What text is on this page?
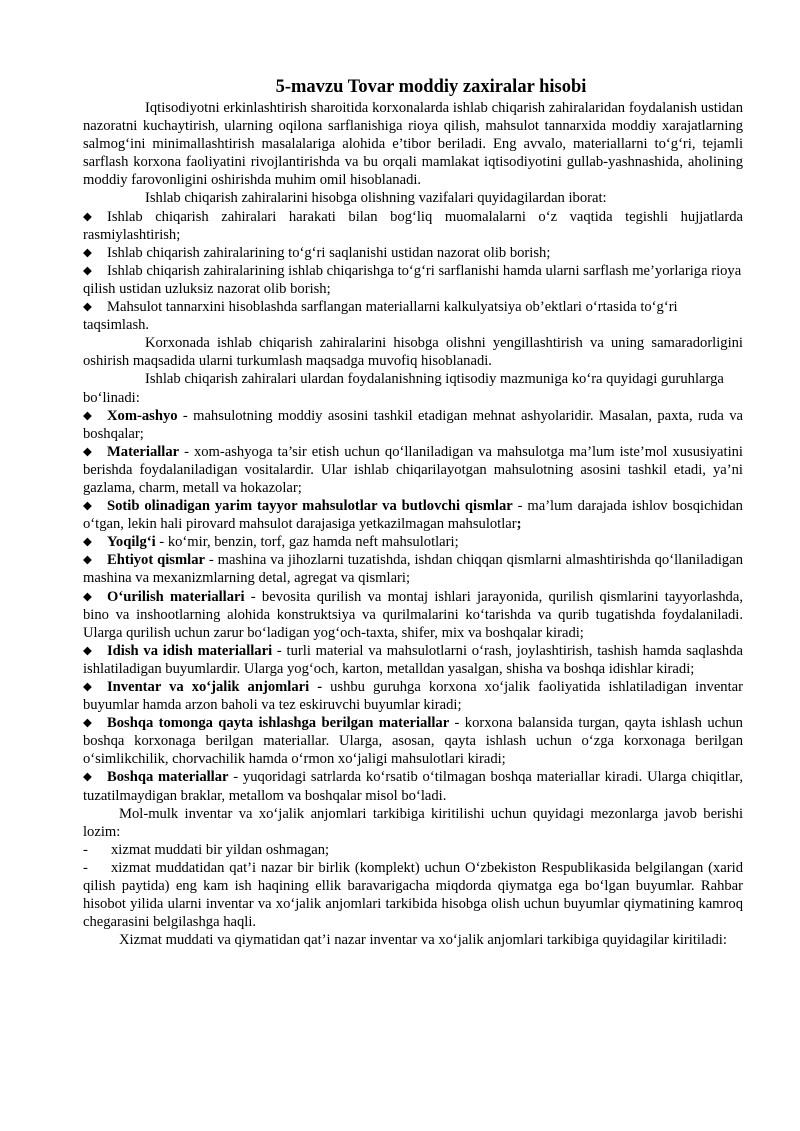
5-mavzu Tovar moddiy zaxiralar hisobi

Iqtisodiyotni erkinlashtirish sharoitida korxonalarda ishlab chiqarish zahiralaridan foydalanish ustidan nazoratni kuchaytirish, ularning oqilona sarflanishiga rioya qilish, mahsulot tannarxida moddiy xarajatlarning salmog‘ini minimallashtirish masalalariga alohida e’tibor beriladi. Eng avvalo, materiallarni to‘g‘ri, tejamli sarflash korxona faoliyatini rivojlantirishda va bu orqali mamlakat iqtisodiyotini gullab-yashnashida, aholining moddiy farovonligini oshirishda muhim omil hisoblanadi.

Ishlab chiqarish zahiralarini hisobga olishning vazifalari quyidagilardan iborat:

◆ Ishlab chiqarish zahiralari harakati bilan bog‘liq muomalalarni o‘z vaqtida tegishli hujjatlarda rasmiylashtirish;

◆ Ishlab chiqarish zahiralarining to‘g‘ri saqlanishi ustidan nazorat olib borish;

◆ Ishlab chiqarish zahiralarining ishlab chiqarishga to‘g‘ri sarflanishi hamda ularni sarflash me’yorlariga rioya qilish ustidan uzluksiz nazorat olib borish;

◆ Mahsulot tannarxini hisoblashda sarflangan materiallarni kalkulyatsiya ob’ektlari o‘rtasida to‘g‘ri taqsimlash.

Korxonada ishlab chiqarish zahiralarini hisobga olishni yengillashtirish va uning samaradorligini oshirish maqsadida ularni turkumlash maqsadga muvofiq hisoblanadi.

Ishlab chiqarish zahiralari ulardan foydalanishning iqtisodiy mazmuniga ko‘ra quyidagi guruhlarga bo‘linadi:

◆ Xom-ashyo - mahsulotning moddiy asosini tashkil etadigan mehnat ashyolaridir. Masalan, paxta, ruda va boshqalar;

◆ Materiallar - xom-ashyoga ta’sir etish uchun qo‘llaniladigan va mahsulotga ma’lum iste’mol xususiyatini berishda foydalaniladigan vositalardir. Ular ishlab chiqarilayotgan mahsulotning asosini tashkil etadi, ya’ni gazlama, charm, metall va hokazolar;

◆ Sotib olinadigan yarim tayyor mahsulotlar va butlovchi qismlar - ma’lum darajada ishlov bosqichidan o‘tgan, lekin hali pirovard mahsulot darajasiga yetkazilmagan mahsulotlar;

◆ Yoqilg‘i - ko‘mir, benzin, torf, gaz hamda neft mahsulotlari;

◆ Ehtiyot qismlar - mashina va jihozlarni tuzatishda, ishdan chiqqan qismlarni almashtirishda qo‘llaniladigan mashina va mexanizmlarning detal, agregat va qismlari;

◆ O‘urilish materiallari - bevosita qurilish va montaj ishlari jarayonida, qurilish qismlarini tayyorlashda, bino va inshootlarning alohida konstruktsiya va qurilmalarini ko‘tarishda va qurib tugatishda foydalaniladi. Ularga qurilish uchun zarur bo‘ladigan yog‘och-taxta, shifer, mix va boshqalar kiradi;

◆ Idish va idish materiallari - turli material va mahsulotlarni o‘rash, joylashtirish, tashish hamda saqlashda ishlatiladigan buyumlardir. Ularga yog‘och, karton, metalldan yasalgan, shisha va boshqa idishlar kiradi;

◆ Inventar va xo‘jalik anjomlari - ushbu guruhga korxona xo‘jalik faoliyatida ishlatiladigan inventar buyumlar hamda arzon baholi va tez eskiruvchi buyumlar kiradi;

◆ Boshqa tomonga qayta ishlashga berilgan materiallar - korxona balansida turgan, qayta ishlash uchun boshqa korxonaga berilgan materiallar. Ularga, asosan, qayta ishlash uchun o‘zga korxonaga berilgan o‘simlikchilik, chorvachilik hamda o‘rmon xo‘jaligi mahsulotlari kiradi;

◆ Boshqa materiallar - yuqoridagi satrlarda ko‘rsatib o‘tilmagan boshqa materiallar kiradi. Ularga chiqitlar, tuzatilmaydigan braklar, metallom va boshqalar misol bo‘ladi.

Mol-mulk inventar va xo‘jalik anjomlari tarkibiga kiritilishi uchun quyidagi mezonlarga javob berishi lozim:

- xizmat muddati bir yildan oshmagan;

- xizmat muddatidan qat’i nazar bir birlik (komplekt) uchun O‘zbekiston Respublikasida belgilangan (xarid qilish paytida) eng kam ish haqining ellik baravarigacha miqdorda qiymatga ega bo‘lgan buyumlar. Rahbar hisobot yilida ularni inventar va xo‘jalik anjomlari tarkibida hisobga olish uchun buyumlar qiymatining kamroq chegarasini belgilashga haqli.

Xizmat muddati va qiymatidan qat’i nazar inventar va xo‘jalik anjomlari tarkibiga quyidagilar kiritiladi:
